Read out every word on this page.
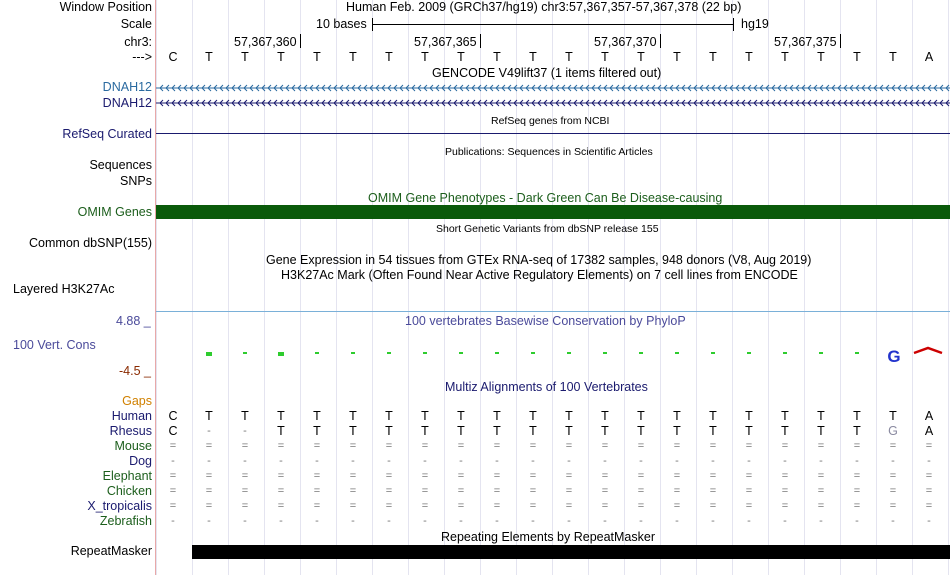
Window Position	Human Feb. 2009 (GRCh37/hg19) chr3:57,367,357-57,367,378 (22 bp)
Scale	10 bases	hg19
chr3:	57,367,360	57,367,365	57,367,370	57,367,375
---> C T T T T T T T T T T T T T T T T T T T T A
GENCODE V49lift37 (1 items filtered out)
DNAH12
DNAH12
RefSeq genes from NCBI
RefSeq Curated
Publications: Sequences in Scientific Articles
Sequences
SNPs
OMIM Gene Phenotypes - Dark Green Can Be Disease-causing
OMIM Genes
Short Genetic Variants from dbSNP release 155
Common dbSNP(155)
Gene Expression in 54 tissues from GTEx RNA-seq of 17382 samples, 948 donors (V8, Aug 2019)
H3K27Ac Mark (Often Found Near Active Regulatory Elements) on 7 cell lines from ENCODE
Layered H3K27Ac
100 vertebrates Basewise Conservation by PhyloP
4.88 _
100 Vert. Cons
-4.5 _
G
Multiz Alignments of 100 Vertebrates
Gaps
Human C T T T T T T T T T T T T T T T T T T T T A
Rhesus C	-	-	T T T T T T T T T T T T T T T T T G A
Mouse =	=	=	=	=	=	=	=	=	=	=	=	=	=	=	=	=	=	=	=	=	=
Dog	-	-	-	-	-	-	-	-	-	-	-	-	-	-	-	-	-	-	-	-	-	-
Elephant =	=	=	=	=	=	=	=	=	=	=	=	=	=	=	=	=	=	=	=	=	=
Chicken =	=	=	=	=	=	=	=	=	=	=	=	=	=	=	=	=	=	=	=	=	=
X_tropicalis =	=	=	=	=	=	=	=	=	=	=	=	=	=	=	=	=	=	=	=	=	=
Zebrafish	-	-	-	-	-	-	-	-	-	-	-	-	-	-	-	-	-	-	-	-	-	-
Repeating Elements by RepeatMasker
RepeatMasker
